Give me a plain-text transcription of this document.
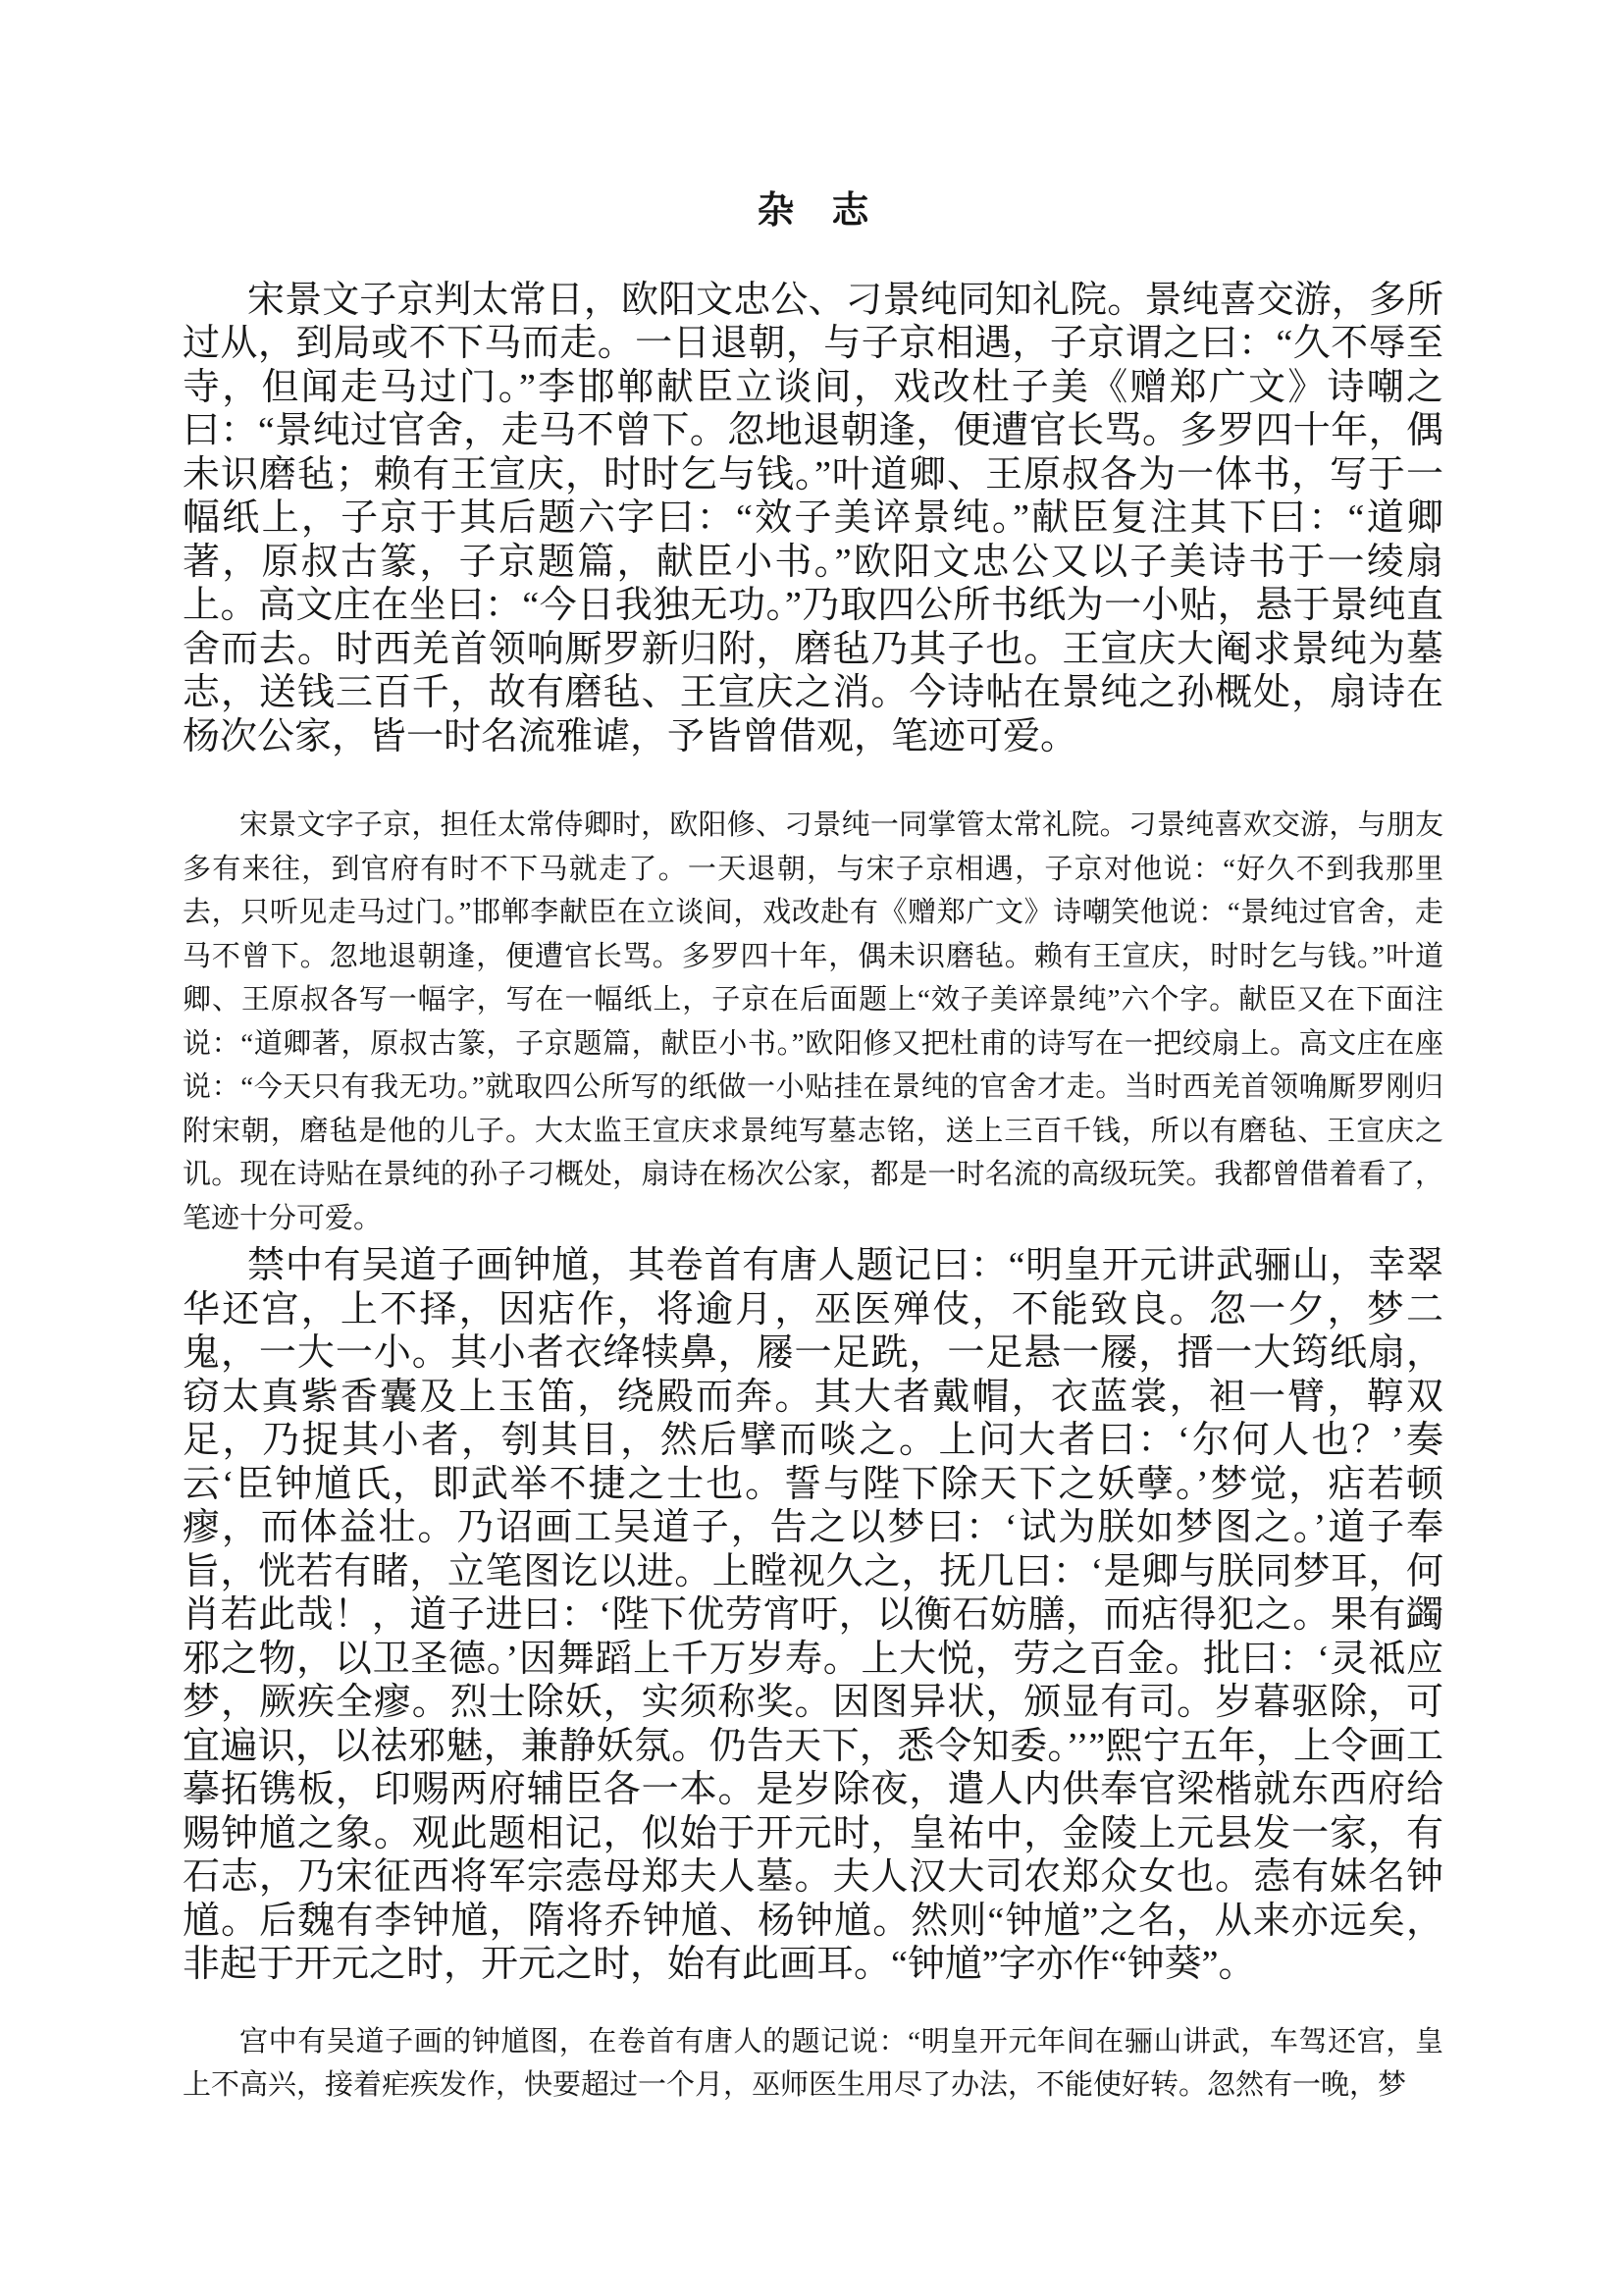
杂　志

宋景文子京判太常日，欧阳文忠公、刁景纯同知礼院。景纯喜交游，多所过从，到局或不下马而走。一日退朝，与子京相遇，子京谓之曰：“久不辱至寺，但闻走马过门。”李邯郸献臣立谈间，戏改杜子美《赠郑广文》诗嘲之曰：“景纯过官舍，走马不曾下。忽地退朝逢，便遭官长骂。多罗四十年，偶未识磨毡；赖有王宣庆，时时乞与钱。”叶道卿、王原叔各为一体书，写于一幅纸上，子京于其后题六字曰：“效子美谇景纯。”献臣复注其下曰：“道卿著，原叔古篆，子京题篇，献臣小书。”欧阳文忠公又以子美诗书于一绫扇上。高文庄在坐曰：“今日我独无功。”乃取四公所书纸为一小贴，悬于景纯直舍而去。时西羌首领响厮罗新归附，磨毡乃其子也。王宣庆大阉求景纯为墓志，送钱三百千，故有磨毡、王宣庆之消。今诗帖在景纯之孙概处，扇诗在杨次公家，皆一时名流雅谑，予皆曾借观，笔迹可爱。

宋景文字子京，担任太常侍卿时，欧阳修、刁景纯一同掌管太常礼院。刁景纯喜欢交游，与朋友多有来往，到官府有时不下马就走了。一天退朝，与宋子京相遇，子京对他说：“好久不到我那里去，只听见走马过门。”邯郸李献臣在立谈间，戏改赴有《赠郑广文》诗嘲笑他说：“景纯过官舍，走马不曾下。忽地退朝逢，便遭官长骂。多罗四十年，偶未识磨毡。赖有王宣庆，时时乞与钱。”叶道卿、王原叔各写一幅字，写在一幅纸上，子京在后面题上“效子美谇景纯”六个字。献臣又在下面注说：“道卿著，原叔古篆，子京题篇，献臣小书。”欧阳修又把杜甫的诗写在一把绞扇上。高文庄在座说：“今天只有我无功。”就取四公所写的纸做一小贴挂在景纯的官舍才走。当时西羌首领唃厮罗刚归附宋朝，磨毡是他的儿子。大太监王宣庆求景纯写墓志铭，送上三百千钱，所以有磨毡、王宣庆之讥。现在诗贴在景纯的孙子刁概处，扇诗在杨次公家，都是一时名流的高级玩笑。我都曾借着看了，笔迹十分可爱。

禁中有吴道子画钟馗，其卷首有唐人题记曰：“明皇开元讲武骊山，幸翠华还宫，上不择，因痁作，将逾月，巫医殚伎，不能致良。忽一夕，梦二鬼，一大一小。其小者衣绛犊鼻，屦一足跣，一足悬一屦，搢一大筠纸扇，窃太真紫香囊及上玉笛，绕殿而奔。其大者戴帽，衣蓝裳，袒一臂，鞟双足，乃捉其小者，刳其目，然后擘而啖之。上问大者曰：‘尔何人也？’奏云‘臣钟馗氏，即武举不捷之士也。誓与陛下除天下之妖孽。’梦觉，痁若顿瘳，而体益壮。乃诏画工吴道子，告之以梦曰：‘试为朕如梦图之。’道子奉旨，恍若有睹，立笔图讫以进。上瞠视久之，抚几曰：‘是卿与朕同梦耳，何肖若此哉！，道子进曰：‘陛下优劳宵吁，以衡石妨膳，而痁得犯之。果有蠲邪之物，以卫圣德。’因舞蹈上千万岁寿。上大悦，劳之百金。批曰：‘灵祗应梦，厥疾全瘳。烈士除妖，实须称奖。因图异状，颁显有司。岁暮驱除，可宜遍识，以祛邪魅，兼静妖氛。仍告天下，悉令知委。’’”熙宁五年，上令画工摹拓镌板，印赐两府辅臣各一本。是岁除夜，遣人内供奉官梁楷就东西府给赐钟馗之象。观此题相记，似始于开元时，皇祐中，金陵上元县发一家，有石志，乃宋征西将军宗悫母郑夫人墓。夫人汉大司农郑众女也。悫有妹名钟馗。后魏有李钟馗，隋将乔钟馗、杨钟馗。然则“钟馗”之名，从来亦远矣，非起于开元之时，开元之时，始有此画耳。“钟馗”字亦作“钟葵”。

宫中有吴道子画的钟馗图，在卷首有唐人的题记说：“明皇开元年间在骊山讲武，车驾还宫，皇上不高兴，接着疟疾发作，快要超过一个月，巫师医生用尽了办法，不能使好转。忽然有一晚，梦
